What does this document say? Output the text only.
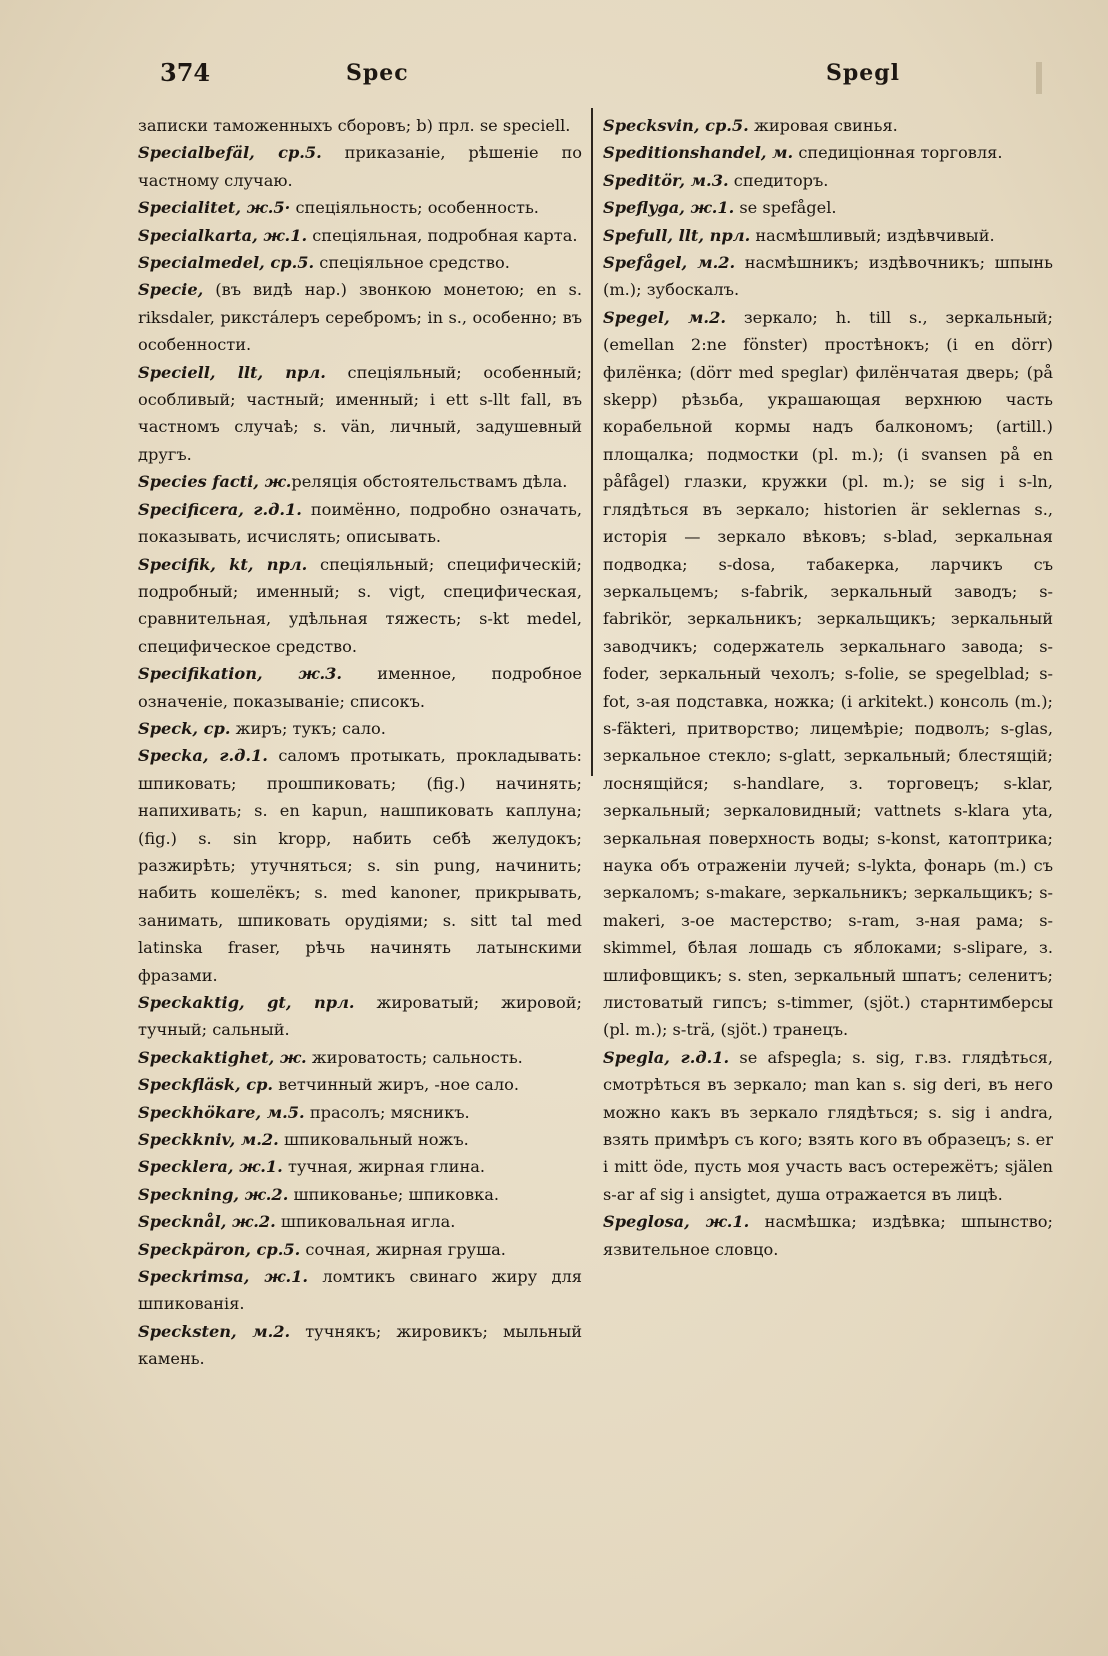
374	Spec	Spegl

записки таможенныхъ сборовъ; b) прл. se speciell.

Specialbefäl, ср.5. приказаніе, рѣшеніе по частному случаю.

Specialitet, ж.5· спеціяльность; особенность.

Specialkarta, ж.1. спеціяльная, подробная карта.

Specialmedel, ср.5. спеціяльное средство.

Specie, (въ видѣ нар.) звонкою монетою; en s. riksdaler, рикстáлеръ серебромъ; in s., особенно; въ особенности.

Speciell, llt, прл. спеціяльный; особенный; особливый; частный; именный; i ett s-llt fall, въ частномъ случаѣ; s. vän, личный, задушевный другъ.

Species facti, ж.реляція обстоятельствамъ дѣла.

Specificera, г.д.1. поимённо, подробно означать, показывать, исчислять; описывать.

Specifik, kt, прл. спеціяльный; специфическій; подробный; именный; s. vigt, специфическая, сравнительная, удѣльная тяжесть; s-kt medel, специфическое средство.

Specifikation, ж.3. именное, подробное означеніе, показываніе; списокъ.

Speck, ср. жиръ; тукъ; сало.

Specka, г.д.1. саломъ протыкать, прокладывать: шпиковать; прошпиковать; (fig.) начинять; напихивать; s. en kapun, нашпиковать каплуна; (fig.) s. sin kropp, набить себѣ желудокъ; разжирѣть; утучняться; s. sin pung, начинить; набить кошелёкъ; s. med kanoner, прикрывать, занимать, шпиковать орудіями; s. sitt tal med latinska fraser, рѣчь начинять латынскими фразами.

Speckaktig, gt, прл. жироватый; жировой; тучный; сальный.

Speckaktighet, ж. жироватость; сальность.

Speckfläsk, ср. ветчинный жиръ, -ное сало.

Speckhökare, м.5. прасолъ; мясникъ.

Speckkniv, м.2. шпиковальный ножъ.

Specklera, ж.1. тучная, жирная глина.

Speckning, ж.2. шпикованье; шпиковка.

Specknål, ж.2. шпиковальная игла.

Speckpäron, ср.5. сочная, жирная груша.

Speckrimsa, ж.1. ломтикъ свинаго жиру для шпикованія.

Specksten, м.2. тучнякъ; жировикъ; мыльный камень.

Specksvin, ср.5. жировая свинья.

Speditionshandel, м. спедиціонная торговля.

Speditör, м.3. спедиторъ.

Speflyga, ж.1. se spefågel.

Spefull, llt, прл. насмѣшливый; издѣвчивый.

Spefågel, м.2. насмѣшникъ; издѣвочникъ; шпынь (m.); зубоскалъ.

Spegel, м.2. зеркало; h. till s., зеркальный; (emellan 2:ne fönster) простѣнокъ; (i en dörr) филёнка; (dörr med speglar) филёнчатая дверь; (på skepp) рѣзьба, украшающая верхнюю часть корабельной кормы надъ балкономъ; (artill.) площалка; подмостки (pl. m.); (i svansen på en påfågel) глазки, кружки (pl. m.); se sig i s-ln, глядѣться въ зеркало; historien är seklernas s., исторія — зеркало вѣковъ; s-blad, зеркальная подводка; s-dosa, табакерка, ларчикъ съ зеркальцемъ; s-fabrik, зеркальный заводъ; s-fabrikör, зеркальникъ; зеркальщикъ; зеркальный заводчикъ; содержатель зеркальнаго завода; s-foder, зеркальный чехолъ; s-folie, se spegelblad; s-fot, з-ая подставка, ножка; (i arkitekt.) консоль (m.); s-fäkteri, притворство; лицемѣріе; подволъ; s-glas, зеркальное стекло; s-glatt, зеркальный; блестящій; лоснящійся; s-handlare, з. торговецъ; s-klar, зеркальный; зеркаловидный; vattnets s-klara yta, зеркальная поверхность воды; s-konst, катоптрика; наука объ отраженіи лучей; s-lykta, фонарь (m.) съ зеркаломъ; s-makare, зеркальникъ; зеркальщикъ; s-makeri, з-ое мастерство; s-ram, з-ная рама; s-skimmel, бѣлая лошадь съ яблоками; s-slipare, з. шлифовщикъ; s. sten, зеркальный шпатъ; селенитъ; листоватый гипсъ; s-timmer, (sjöt.) старнтимберсы (pl. m.); s-trä, (sjöt.) транецъ.

Spegla, г.д.1. se afspegla; s. sig, г.вз. глядѣться, смотрѣться въ зеркало; man kan s. sig deri, въ него можно какъ въ зеркало глядѣться; s. sig i andra, взять примѣръ съ кого; взять кого въ образецъ; s. er i mitt öde, пусть моя участь васъ остережётъ; själen s-ar af sig i ansigtet, душа отражается въ лицѣ.

Speglosa, ж.1. насмѣшка; издѣвка; шпынство; язвительное словцо.
